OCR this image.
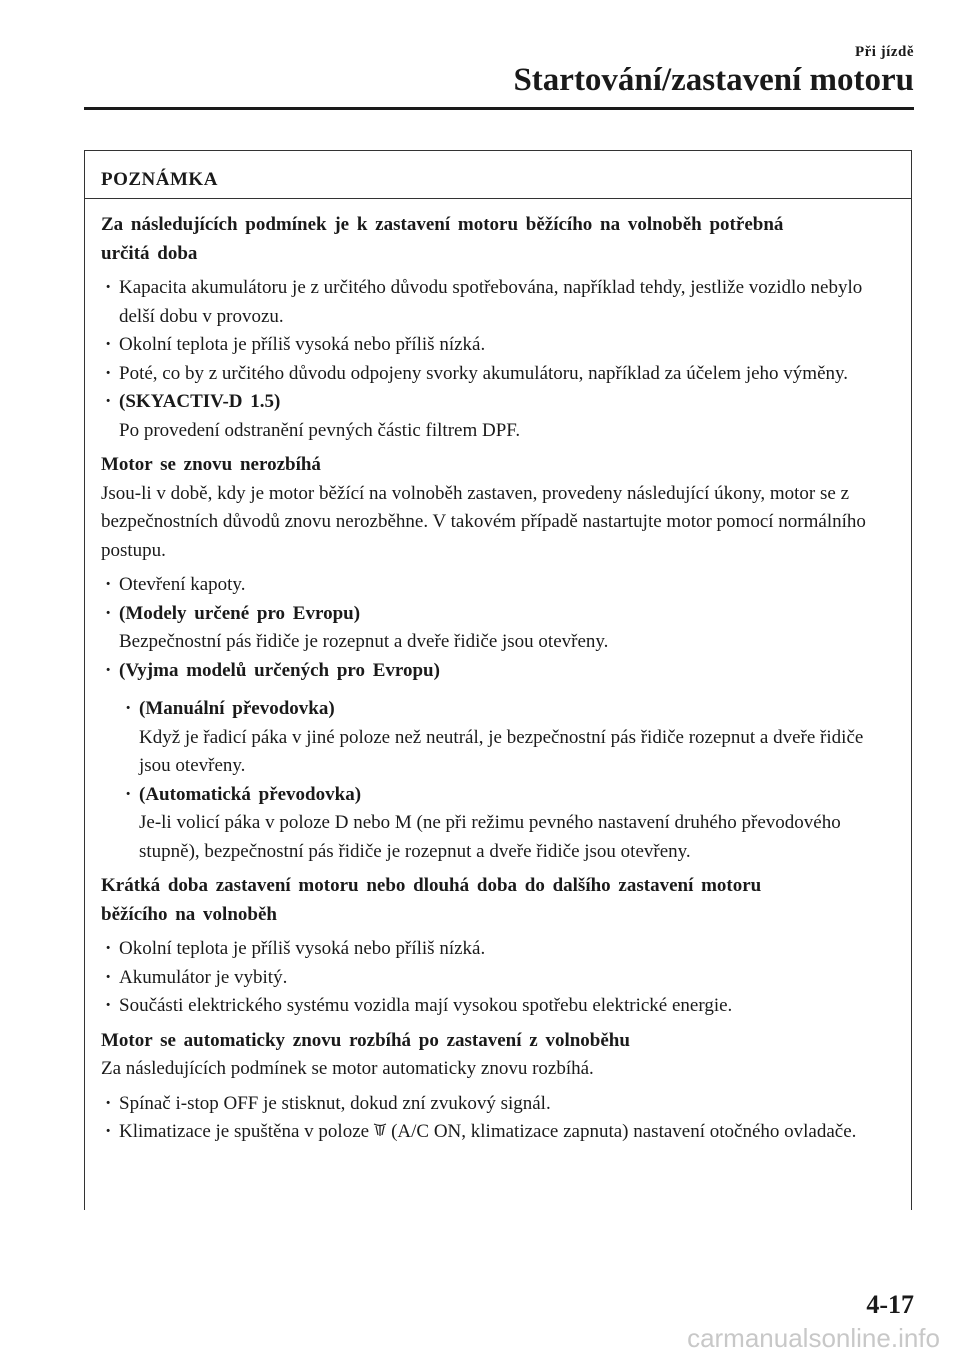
Při jízdě
Startování/zastavení motoru
POZNÁMKA
Za následujících podmínek je k zastavení motoru běžícího na volnoběh potřebná
určitá doba
· Kapacita akumulátoru je z určitého důvodu spotřebována, například tehdy, jestliže vozidlo nebylo delší dobu v provozu.
· Okolní teplota je příliš vysoká nebo příliš nízká.
· Poté, co by z určitého důvodu odpojeny svorky akumulátoru, například za účelem jeho výměny.
· (SKYACTIV-D 1.5)
Po provedení odstranění pevných částic filtrem DPF.
Motor se znovu nerozbíhá
Jsou-li v době, kdy je motor běžící na volnoběh zastaven, provedeny následující úkony, motor se z bezpečnostních důvodů znovu nerozběhne. V takovém případě nastartujte motor pomocí normálního postupu.
· Otevření kapoty.
· (Modely určené pro Evropu)
Bezpečnostní pás řidiče je rozepnut a dveře řidiče jsou otevřeny.
· (Vyjma modelů určených pro Evropu)
· (Manuální převodovka)
Když je řadicí páka v jiné poloze než neutrál, je bezpečnostní pás řidiče rozepnut a dveře řidiče jsou otevřeny.
· (Automatická převodovka)
Je-li volicí páka v poloze D nebo M (ne při režimu pevného nastavení druhého převodového stupně), bezpečnostní pás řidiče je rozepnut a dveře řidiče jsou otevřeny.
Krátká doba zastavení motoru nebo dlouhá doba do dalšího zastavení motoru
běžícího na volnoběh
· Okolní teplota je příliš vysoká nebo příliš nízká.
· Akumulátor je vybitý.
· Součásti elektrického systému vozidla mají vysokou spotřebu elektrické energie.
Motor se automaticky znovu rozbíhá po zastavení z volnoběhu
Za následujících podmínek se motor automaticky znovu rozbíhá.
· Spínač i-stop OFF je stisknut, dokud zní zvukový signál.
· Klimatizace je spuštěna v poloze (A/C ON, klimatizace zapnuta) nastavení otočného ovladače.
4-17
carmanualsonline.info
